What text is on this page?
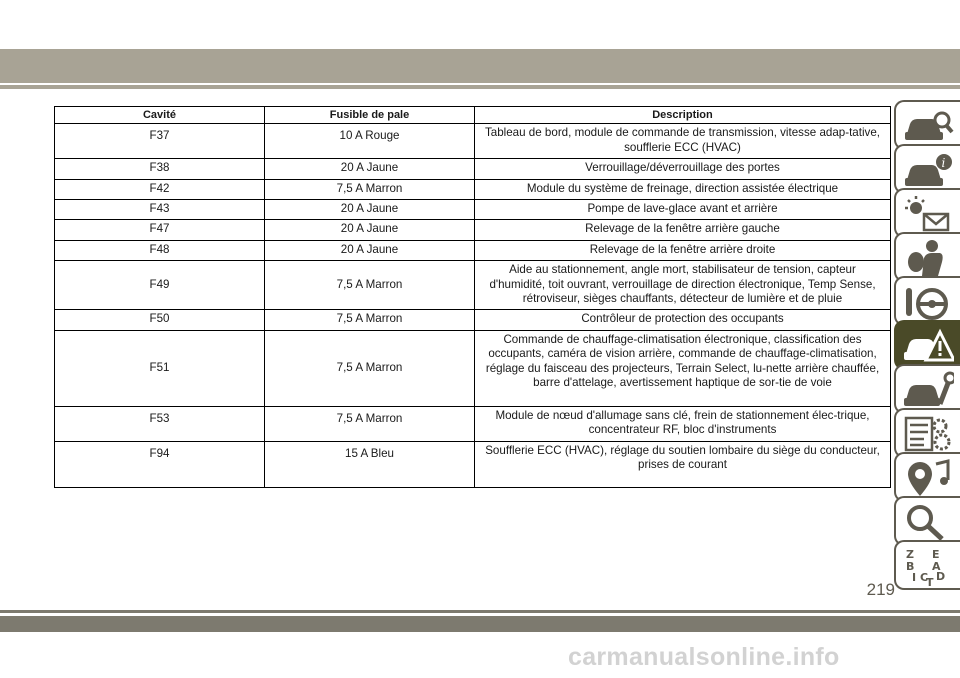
Cavité	Fusible de pale	Description
F37	10 A Rouge	Tableau de bord, module de commande de transmission, vitesse adap-tative, soufflerie ECC (HVAC)
F38	20 A Jaune	Verrouillage/déverrouillage des portes
F42	7,5 A Marron	Module du système de freinage, direction assistée électrique
F43	20 A Jaune	Pompe de lave-glace avant et arrière
F47	20 A Jaune	Relevage de la fenêtre arrière gauche
F48	20 A Jaune	Relevage de la fenêtre arrière droite
F49	7,5 A Marron	Aide au stationnement, angle mort, stabilisateur de tension, capteur d'humidité, toit ouvrant, verrouillage de direction électronique, Temp Sense, rétroviseur, sièges chauffants, détecteur de lumière et de pluie
F50	7,5 A Marron	Contrôleur de protection des occupants
F51	7,5 A Marron	Commande de chauffage-climatisation électronique, classification des occupants, caméra de vision arrière, commande de chauffage-climatisation, réglage du faisceau des projecteurs, Terrain Select, lu-nette arrière chauffée, barre d'attelage, avertissement haptique de sor-tie de voie
F53	7,5 A Marron	Module de nœud d'allumage sans clé, frein de stationnement élec-trique, concentrateur RF, bloc d'instruments
F94	15 A Bleu	Soufflerie ECC (HVAC), réglage du soutien lombaire du siège du conducteur, prises de courant
i
Z E
B A
I C D
T
219
carmanualsonline.info
